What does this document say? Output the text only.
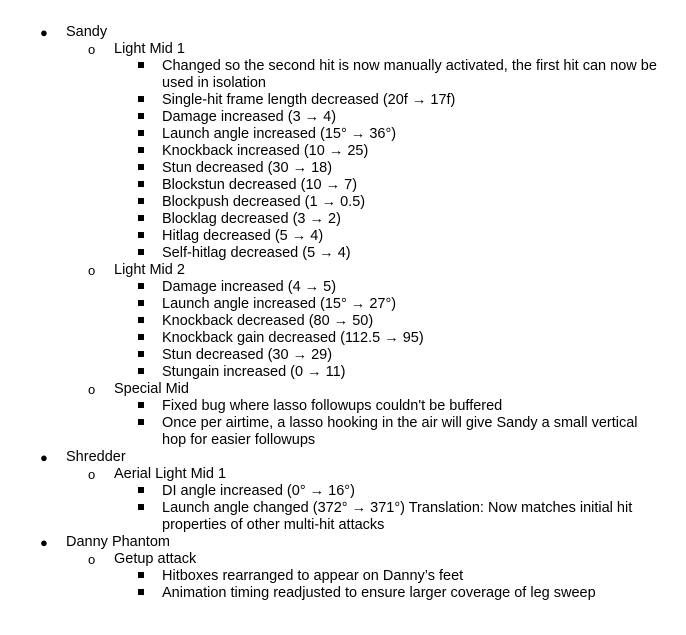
● Sandy
o Light Mid 1
Changed so the second hit is now manually activated, the first hit can now be used in isolation
Single-hit frame length decreased (20f → 17f)
Damage increased (3 → 4)
Launch angle increased (15° → 36°)
Knockback increased (10 → 25)
Stun decreased (30 → 18)
Blockstun decreased (10 → 7)
Blockpush decreased (1 → 0.5)
Blocklag decreased (3 → 2)
Hitlag decreased (5 → 4)
Self-hitlag decreased (5 → 4)
o Light Mid 2
Damage increased (4 → 5)
Launch angle increased (15° → 27°)
Knockback decreased (80 → 50)
Knockback gain decreased (112.5 → 95)
Stun decreased (30 → 29)
Stungain increased (0 → 11)
o Special Mid
Fixed bug where lasso followups couldn't be buffered
Once per airtime, a lasso hooking in the air will give Sandy a small vertical hop for easier followups
● Shredder
o Aerial Light Mid 1
DI angle increased (0° → 16°)
Launch angle changed (372° → 371°) Translation: Now matches initial hit properties of other multi-hit attacks
● Danny Phantom
o Getup attack
Hitboxes rearranged to appear on Danny’s feet
Animation timing readjusted to ensure larger coverage of leg sweep
